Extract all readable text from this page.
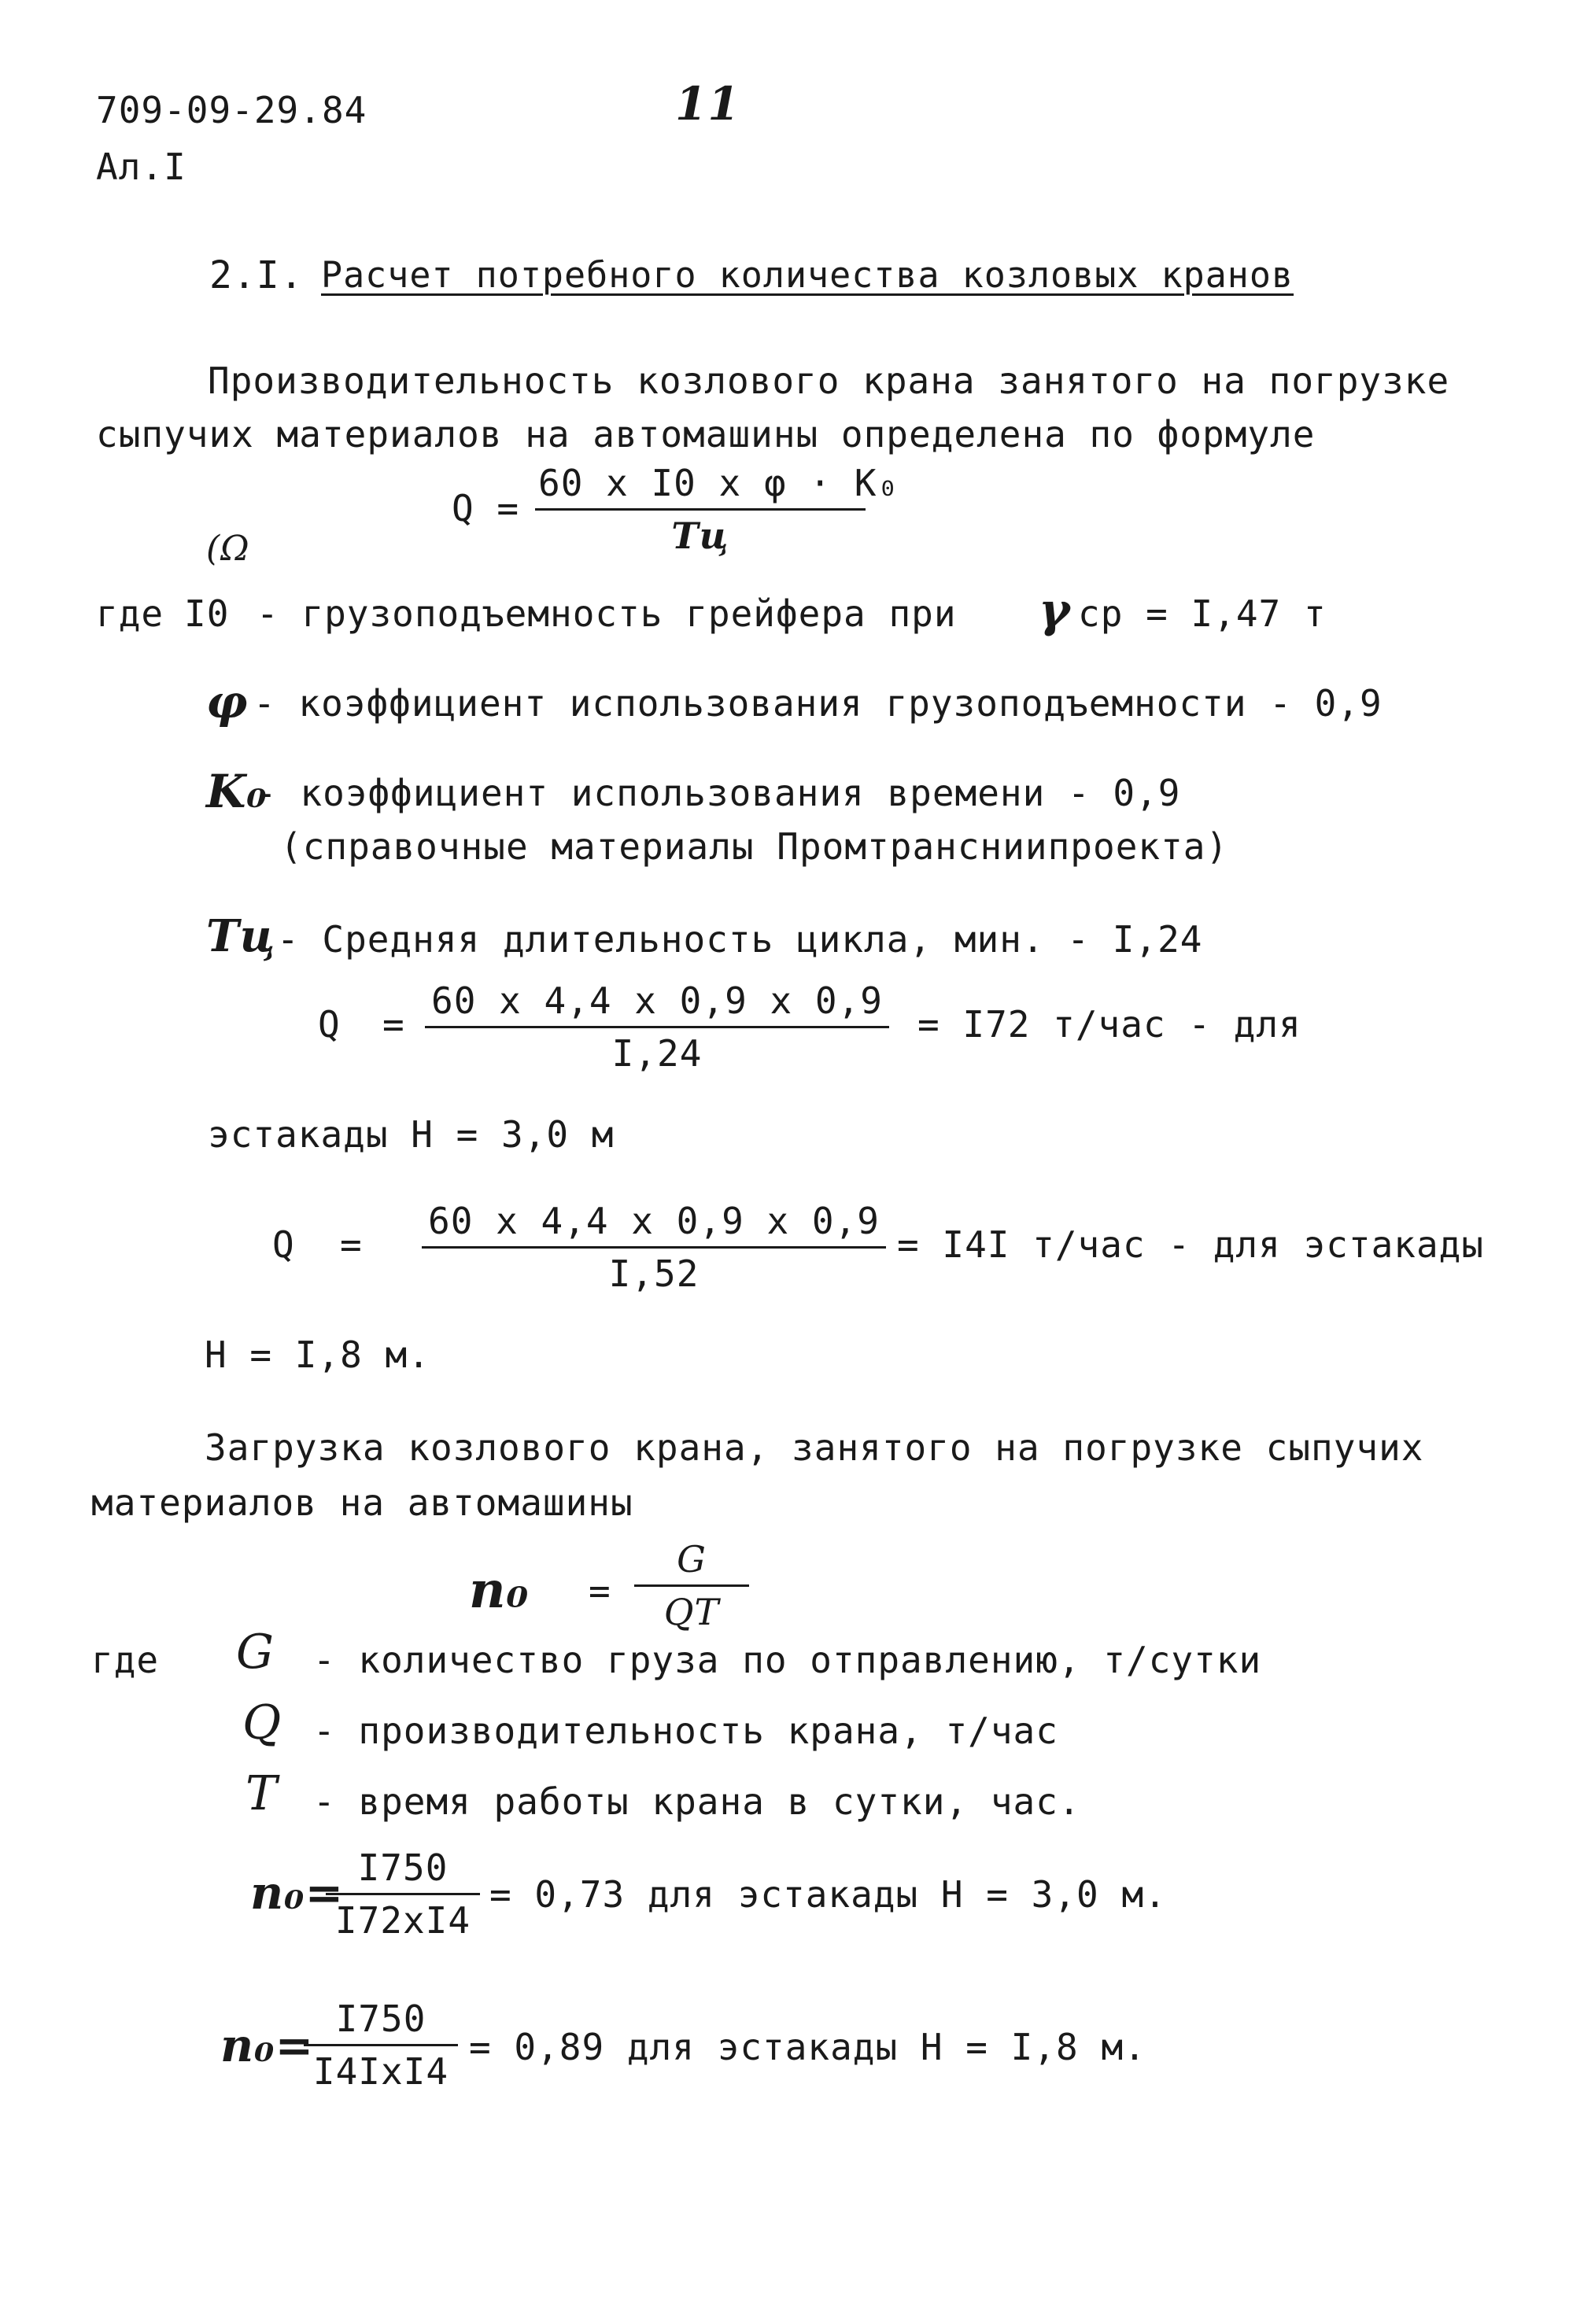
709-09-29.84
Ал.I
11
2.I. Расчет потребного количества козловых кранов
Производительность козлового крана занятого на погрузке
сыпучих материалов на автомашины определена по формуле
Q =
60 x I0 x φ · K₀
Tц
(Ω
где I0 - грузоподъемность грейфера при γ ср = I,47 т
φ - коэффициент использования грузоподъемности - 0,9
K₀
- коэффициент использования времени - 0,9
(справочные материалы Промтрансниипроекта)
Tц - Средняя длительность цикла, мин. - I,24
$Q = \frac{60 x 4,4 x 0,9 x 0,9}{I,24} = I72$ т/час - для
эстакады Н = 3,0 м
$Q = \frac{60 x 4,4 x 0,9 x 0,9}{I,52} = I4I$ т/час - для эстакады
Н = I,8 м.
Загрузка козлового крана, занятого на погрузке сыпучих
материалов на автомашины
$n_0 = \frac{G}{QT}$
где G - количество груза по отправлению, т/сутки
Q - производительность крана, т/час
T - время работы крана в сутки, час.
n₀=
$\frac{I750}{I72xI4} = 0,73$ для эстакады Н = 3,0 м.
n₀= I750
I4IxI4
= 0,89 для эстакады Н = I,8 м.
